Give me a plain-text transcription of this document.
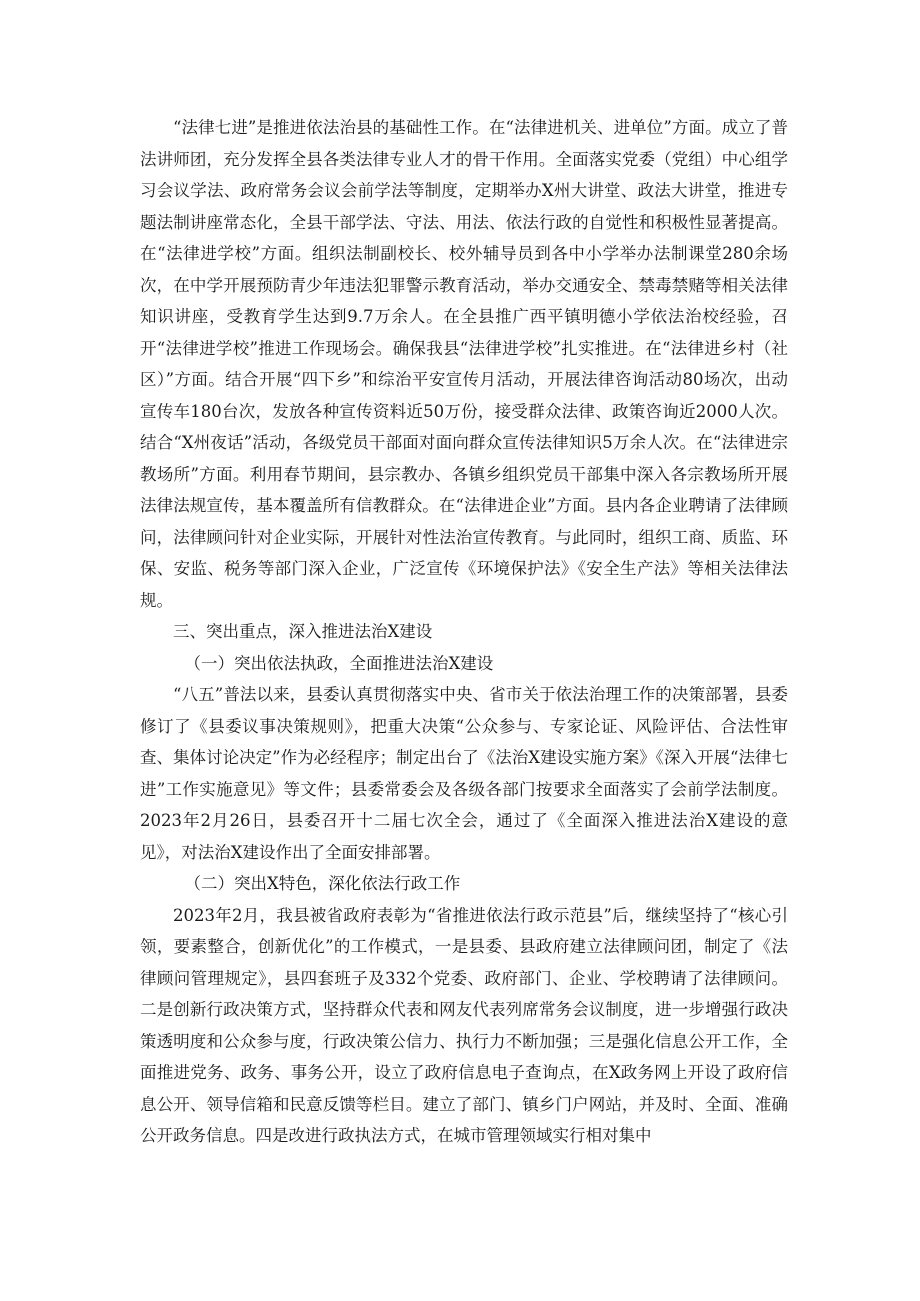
“法律七进”是推进依法治县的基础性工作。在“法律进机关、进单位”方面。成立了普法讲师团，充分发挥全县各类法律专业人才的骨干作用。全面落实党委（党组）中心组学习会议学法、政府常务会议会前学法等制度，定期举办X州大讲堂、政法大讲堂，推进专题法制讲座常态化，全县干部学法、守法、用法、依法行政的自觉性和积极性显著提高。在“法律进学校”方面。组织法制副校长、校外辅导员到各中小学举办法制课堂280余场次，在中学开展预防青少年违法犯罪警示教育活动，举办交通安全、禁毒禁赌等相关法律知识讲座，受教育学生达到9.7万余人。在全县推广西平镇明德小学依法治校经验，召开“法律进学校”推进工作现场会。确保我县“法律进学校”扎实推进。在“法律进乡村（社区）”方面。结合开展“四下乡”和综治平安宣传月活动，开展法律咨询活动80场次，出动宣传车180台次，发放各种宣传资料近50万份，接受群众法律、政策咨询近2000人次。结合“X州夜话”活动，各级党员干部面对面向群众宣传法律知识5万余人次。在“法律进宗教场所”方面。利用春节期间，县宗教办、各镇乡组织党员干部集中深入各宗教场所开展法律法规宣传，基本覆盖所有信教群众。在“法律进企业”方面。县内各企业聘请了法律顾问，法律顾问针对企业实际，开展针对性法治宣传教育。与此同时，组织工商、质监、环保、安监、税务等部门深入企业，广泛宣传《环境保护法》《安全生产法》等相关法律法规。

三、突出重点，深入推进法治X建设

（一）突出依法执政，全面推进法治X建设

“八五”普法以来，县委认真贯彻落实中央、省市关于依法治理工作的决策部署，县委修订了《县委议事决策规则》，把重大决策“公众参与、专家论证、风险评估、合法性审查、集体讨论决定”作为必经程序；制定出台了《法治X建设实施方案》《深入开展“法律七进”工作实施意见》等文件；县委常委会及各级各部门按要求全面落实了会前学法制度。2023年2月26日，县委召开十二届七次全会，通过了《全面深入推进法治X建设的意见》，对法治X建设作出了全面安排部署。

（二）突出X特色，深化依法行政工作

2023年2月，我县被省政府表彰为“省推进依法行政示范县”后，继续坚持了“核心引领，要素整合，创新优化”的工作模式，一是县委、县政府建立法律顾问团，制定了《法律顾问管理规定》，县四套班子及332个党委、政府部门、企业、学校聘请了法律顾问。二是创新行政决策方式，坚持群众代表和网友代表列席常务会议制度，进一步增强行政决策透明度和公众参与度，行政决策公信力、执行力不断加强；三是强化信息公开工作，全面推进党务、政务、事务公开，设立了政府信息电子查询点，在X政务网上开设了政府信息公开、领导信箱和民意反馈等栏目。建立了部门、镇乡门户网站，并及时、全面、准确公开政务信息。四是改进行政执法方式，在城市管理领域实行相对集中
